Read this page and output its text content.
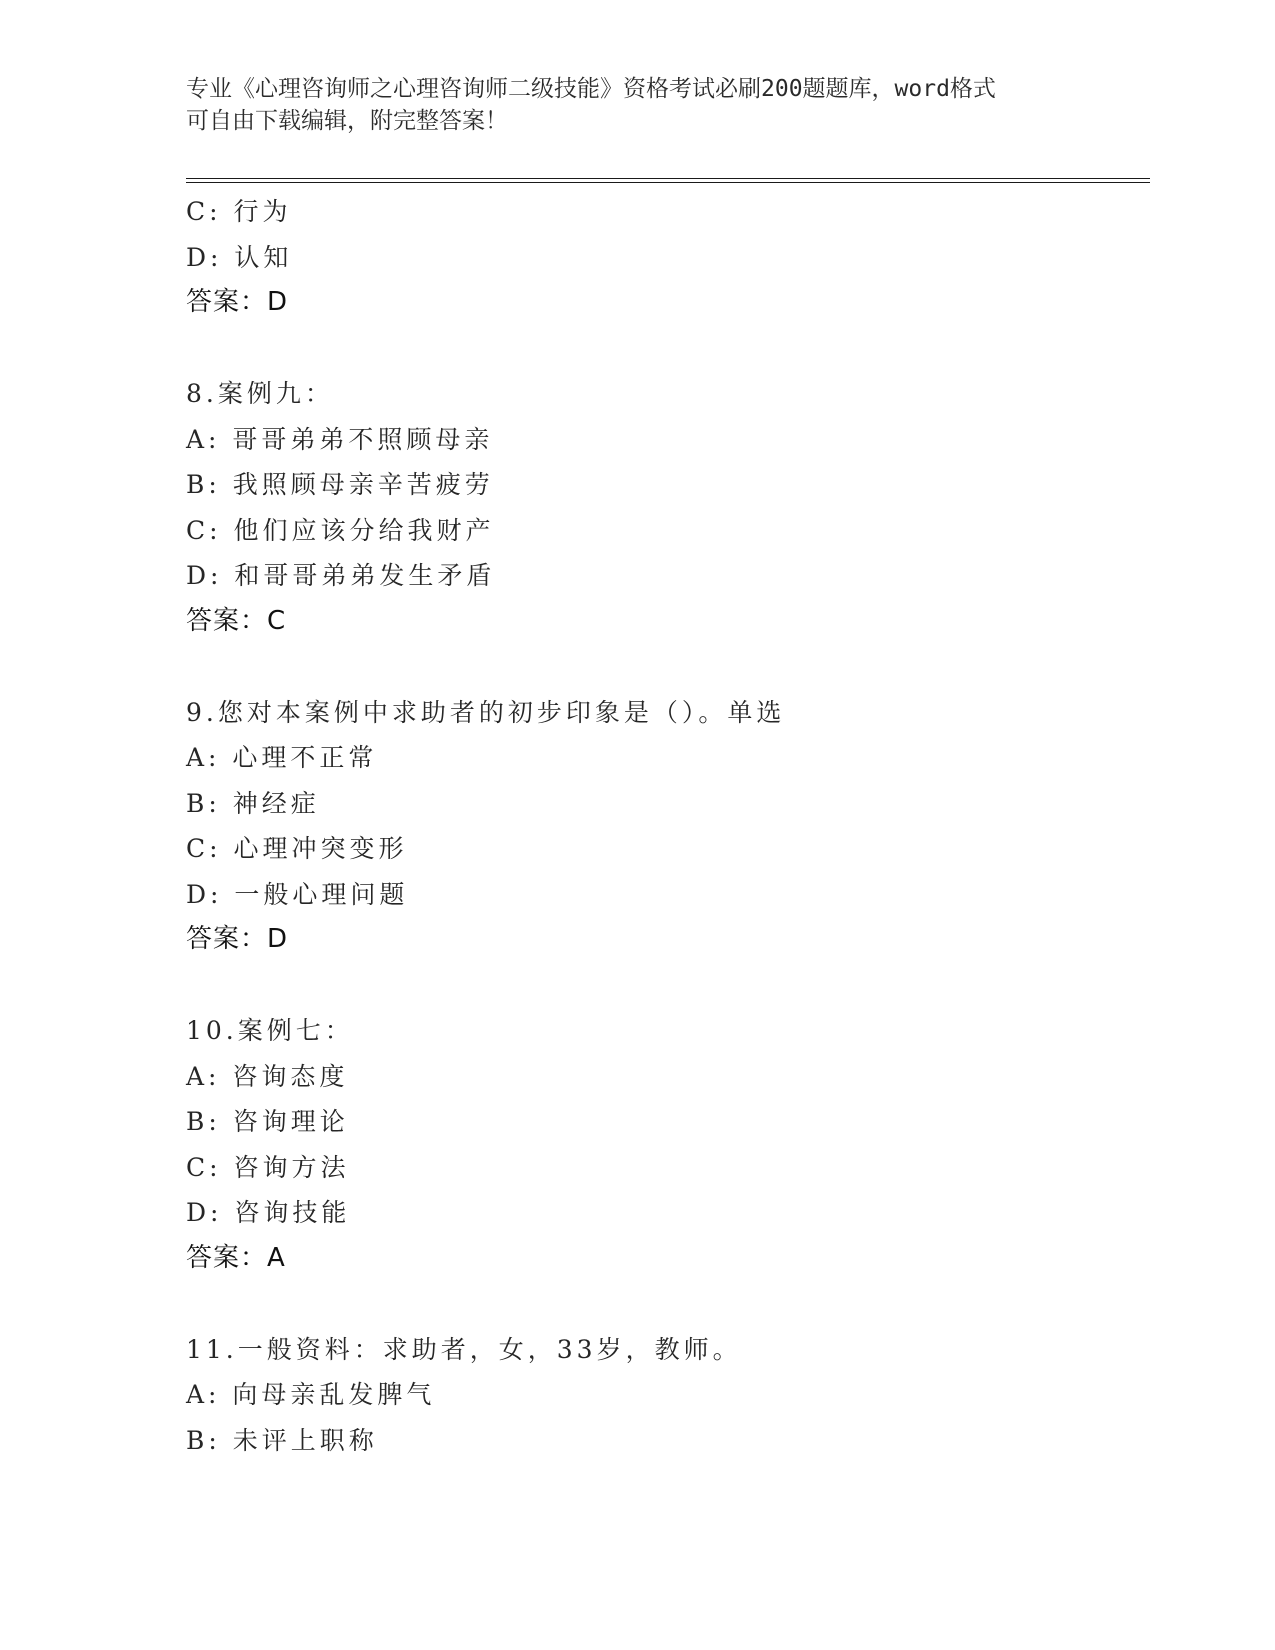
专业《心理咨询师之心理咨询师二级技能》资格考试必刷200题题库，word格式
可自由下载编辑，附完整答案！
C: 行为
D: 认知
答案：D
8.案例九：
A: 哥哥弟弟不照顾母亲
B: 我照顾母亲辛苦疲劳
C: 他们应该分给我财产
D: 和哥哥弟弟发生矛盾
答案：C
9.您对本案例中求助者的初步印象是（）。单选
A: 心理不正常
B: 神经症
C: 心理冲突变形
D: 一般心理问题
答案：D
10.案例七：
A: 咨询态度
B: 咨询理论
C: 咨询方法
D: 咨询技能
答案：A
11.一般资料：求助者，女，33岁，教师。
A: 向母亲乱发脾气
B: 未评上职称
